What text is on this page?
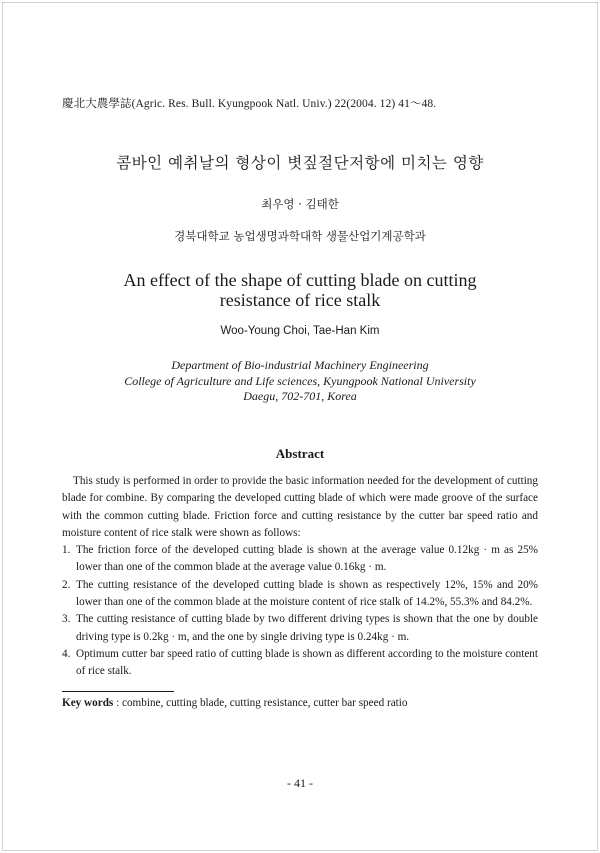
慶北大農學誌(Agric. Res. Bull. Kyungpook Natl. Univ.) 22(2004. 12) 41～48.
콤바인 예취날의 형상이 볏짚절단저항에 미치는 영향
최우영 · 김태한
경북대학교 농업생명과학대학 생물산업기계공학과
An effect of the shape of cutting blade on cutting
resistance of rice stalk
Woo-Young Choi, Tae-Han Kim
Department of Bio-industrial Machinery Engineering
College of Agriculture and Life sciences, Kyungpook National University
Daegu, 702-701, Korea
Abstract

This study is performed in order to provide the basic information needed for the development of cutting blade for combine. By comparing the developed cutting blade of which were made groove of the surface with the common cutting blade. Friction force and cutting resistance by the cutter bar speed ratio and moisture content of rice stalk were shown as follows:

1. The friction force of the developed cutting blade is shown at the average value 0.12kg · m as 25% lower than one of the common blade at the average value 0.16kg · m.
2. The cutting resistance of the developed cutting blade is shown as respectively 12%, 15% and 20% lower than one of the common blade at the moisture content of rice stalk of 14.2%, 55.3% and 84.2%.
3. The cutting resistance of cutting blade by two different driving types is shown that the one by double driving type is 0.2kg · m, and the one by single driving type is 0.24kg · m.
4. Optimum cutter bar speed ratio of cutting blade is shown as different according to the moisture content of rice stalk.
Key words : combine, cutting blade, cutting resistance, cutter bar speed ratio
- 41 -
